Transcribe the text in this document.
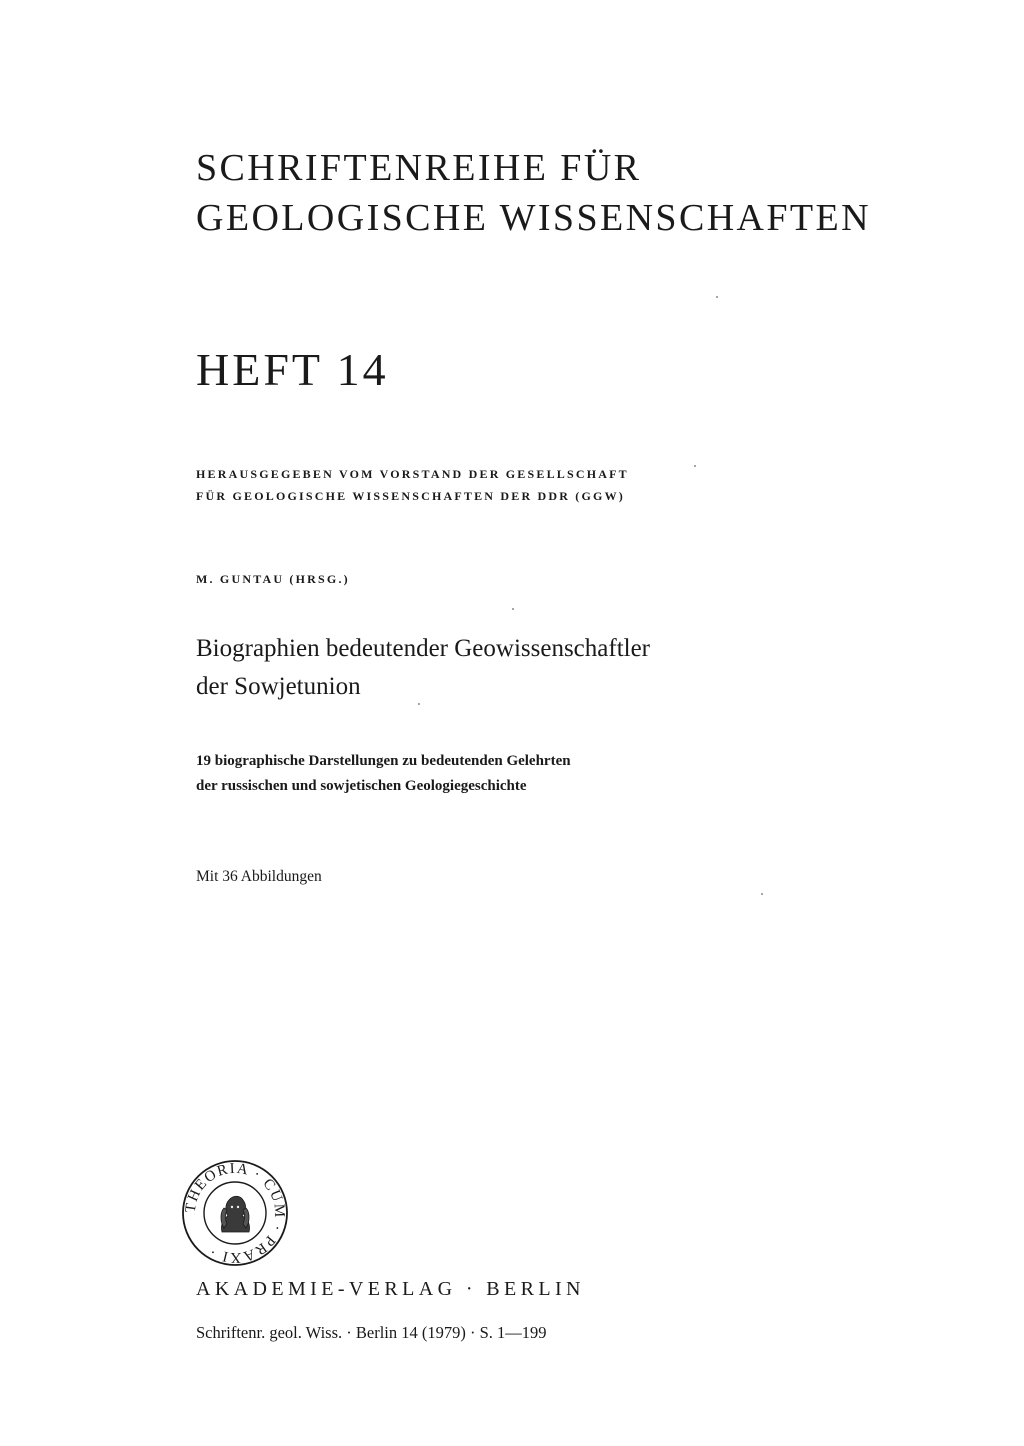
SCHRIFTENREIHE FÜR
GEOLOGISCHE WISSENSCHAFTEN
HEFT 14
HERAUSGEGEBEN VOM VORSTAND DER GESELLSCHAFT
FÜR GEOLOGISCHE WISSENSCHAFTEN DER DDR (GGW)
M. GUNTAU (HRSG.)
Biographien bedeutender Geowissenschaftler
der Sowjetunion
19 biographische Darstellungen zu bedeutenden Gelehrten
der russischen und sowjetischen Geologiegeschichte
Mit 36 Abbildungen
THEORIA · CUM · PRAXI ·
AKADEMIE-VERLAG · BERLIN
Schriftenr. geol. Wiss. · Berlin 14 (1979) · S. 1—199
